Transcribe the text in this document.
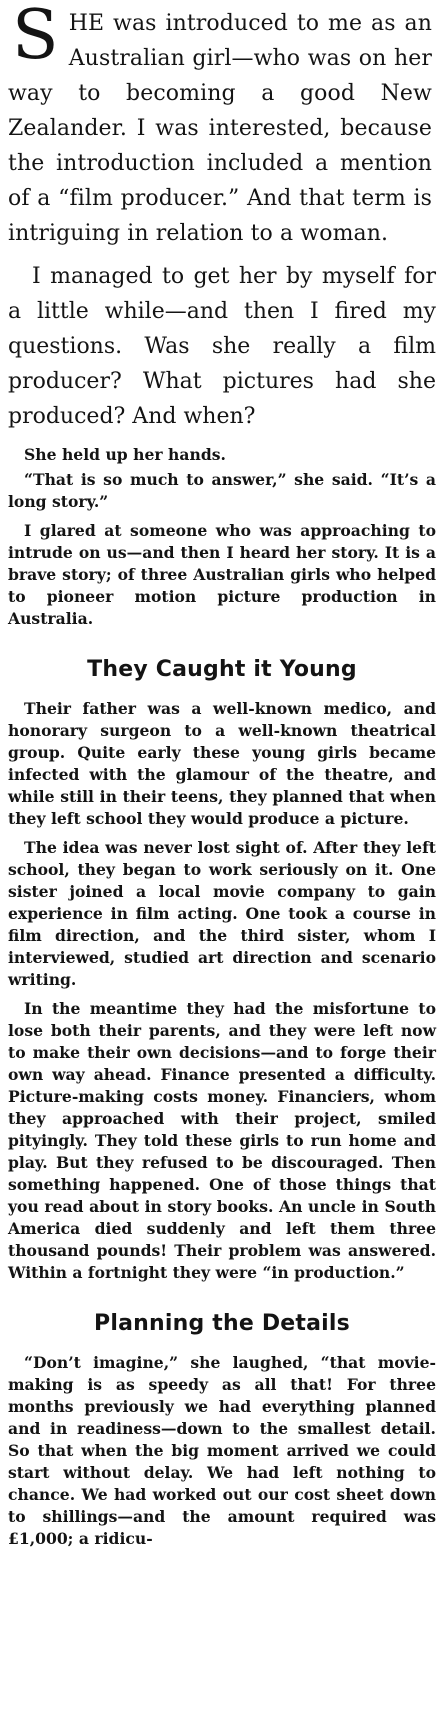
SHE was introduced to me as an Australian girl—who was on her way to becoming a good New Zealander. I was interested, because the introduction included a mention of a “film producer.” And that term is intriguing in relation to a woman.

I managed to get her by myself for a little while—and then I fired my questions. Was she really a film producer? What pictures had she produced? And when?

She held up her hands.

“That is so much to answer,” she said. “It’s a long story.”

I glared at someone who was approaching to intrude on us—and then I heard her story. It is a brave story; of three Australian girls who helped to pioneer motion picture production in Australia.

They Caught it Young

Their father was a well-known medico, and honorary surgeon to a well-known theatrical group. Quite early these young girls became infected with the glamour of the theatre, and while still in their teens, they planned that when they left school they would produce a picture.

The idea was never lost sight of. After they left school, they began to work seriously on it. One sister joined a local movie company to gain experience in film acting. One took a course in film direction, and the third sister, whom I interviewed, studied art direction and scenario writing.

In the meantime they had the misfortune to lose both their parents, and they were left now to make their own decisions—and to forge their own way ahead. Finance presented a difficulty. Picture-making costs money. Financiers, whom they approached with their project, smiled pityingly. They told these girls to run home and play. But they refused to be discouraged. Then something happened. One of those things that you read about in story books. An uncle in South America died suddenly and left them three thousand pounds! Their problem was answered. Within a fortnight they were “in production.”

Planning the Details

“Don’t imagine,” she laughed, “that movie-making is as speedy as all that! For three months previously we had everything planned and in readiness—down to the smallest detail. So that when the big moment arrived we could start without delay. We had left nothing to chance. We had worked out our cost sheet down to shillings—and the amount required was £1,000; a ridicu-
